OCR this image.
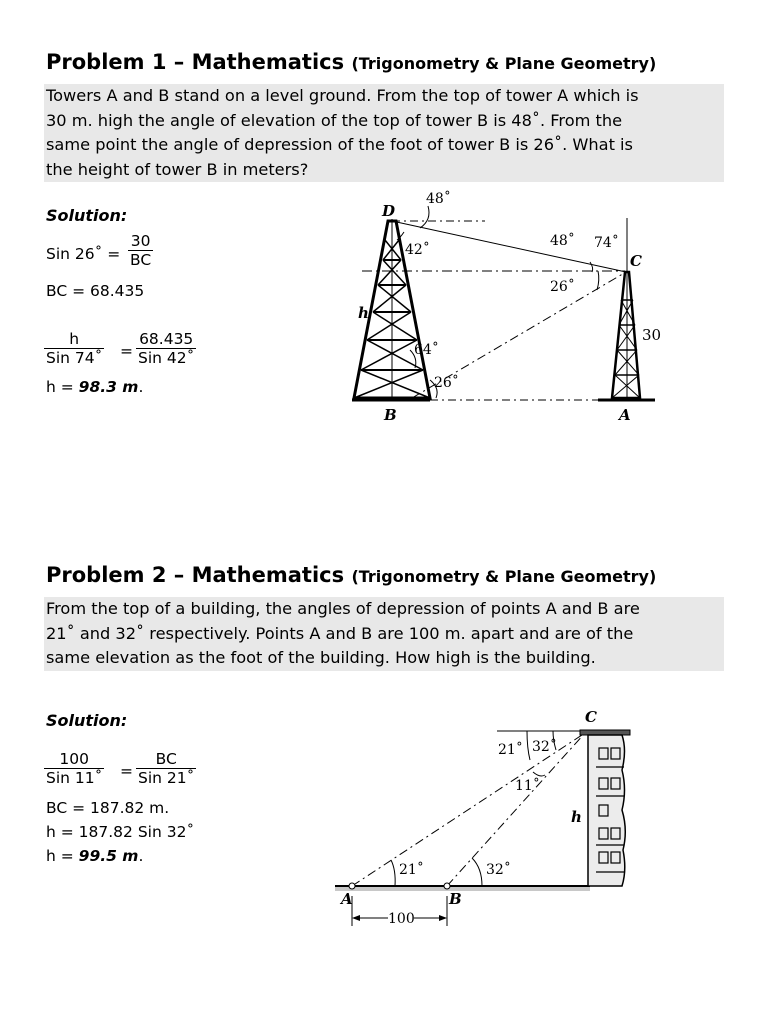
Problem 1 – Mathematics (Trigonometry & Plane Geometry)
Towers A and B stand on a level ground. From the top of tower A which is
30 m. high the angle of elevation of the top of tower B is 48˚. From the
same point the angle of depression of the foot of tower B is 26˚. What is
the height of tower B in meters?
Solution:
Sin 26˚ = $\frac{30}{BC}$
BC = 68.435
h
Sin 74˚ =
68.435
Sin 42˚
h = 98.3 m.
D
C
B	A
h
48˚
42˚
48˚ 74˚
26˚
64˚
26˚
30
Problem 2 – Mathematics (Trigonometry & Plane Geometry)
From the top of a building, the angles of depression of points A and B are
21˚ and 32˚ respectively. Points A and B are 100 m. apart and are of the
same elevation as the foot of the building. How high is the building.
Solution:
100
Sin 11˚ =
BC
Sin 21˚
BC = 187.82 m.
h = 187.82 Sin 32˚
h = 99.5 m.
C
A	B
h
21˚ 32˚
11˚
21˚	32˚
100
